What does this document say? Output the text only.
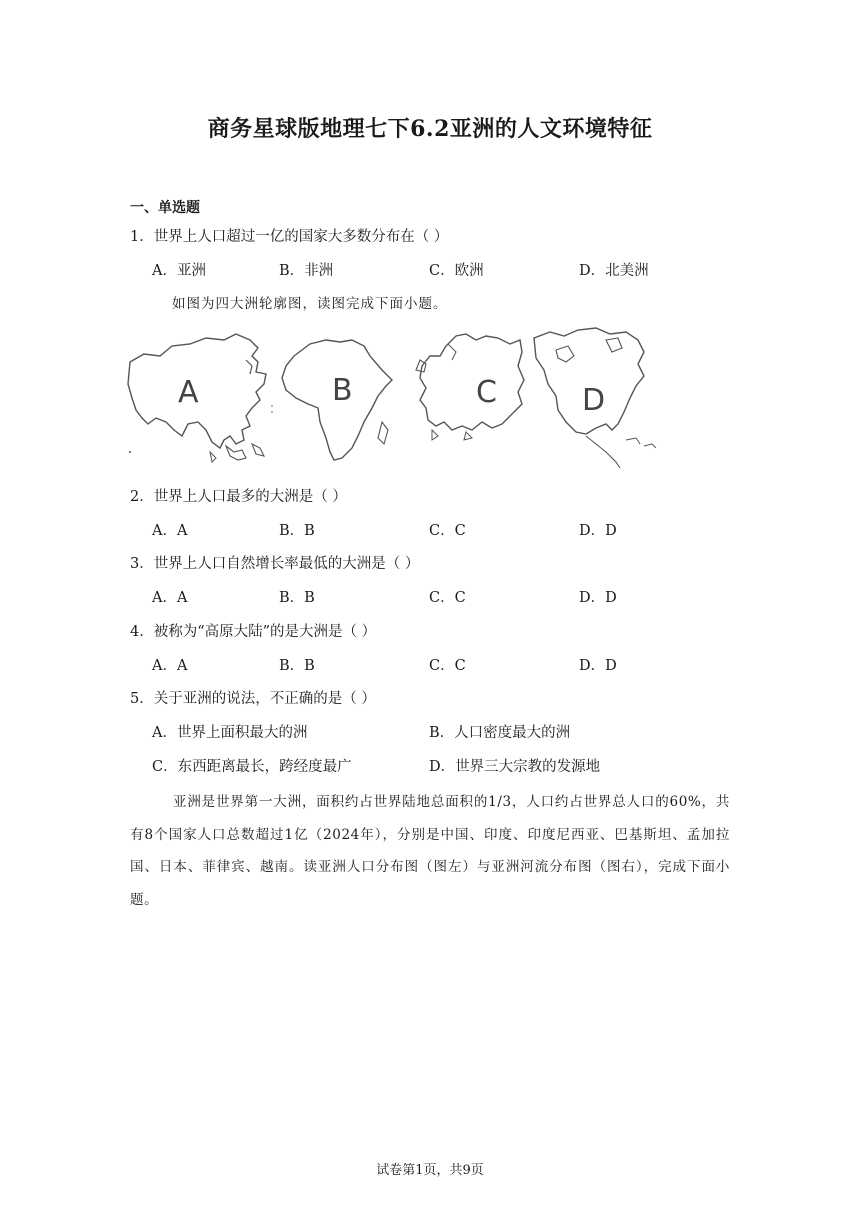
商务星球版地理七下6.2亚洲的人文环境特征
一、单选题
1．世界上人口超过一亿的国家大多数分布在（ ）
A．亚洲	B．非洲	C．欧洲	D．北美洲
如图为四大洲轮廓图，读图完成下面小题。
A	B	C	D
2．世界上人口最多的大洲是（ ）
A．A	B．B	C．C	D．D
3．世界上人口自然增长率最低的大洲是（ ）
A．A	B．B	C．C	D．D
4．被称为“高原大陆”的是大洲是（ ）
A．A	B．B	C．C	D．D
5．关于亚洲的说法，不正确的是（ ）
A．世界上面积最大的洲	B．人口密度最大的洲
C．东西距离最长，跨经度最广	D．世界三大宗教的发源地
亚洲是世界第一大洲，面积约占世界陆地总面积的1/3，人口约占世界总人口的60%，共有8个国家人口总数超过1亿（2024年），分别是中国、印度、印度尼西亚、巴基斯坦、孟加拉国、日本、菲律宾、越南。读亚洲人口分布图（图左）与亚洲河流分布图（图右），完成下面小题。
试卷第1页，共9页
